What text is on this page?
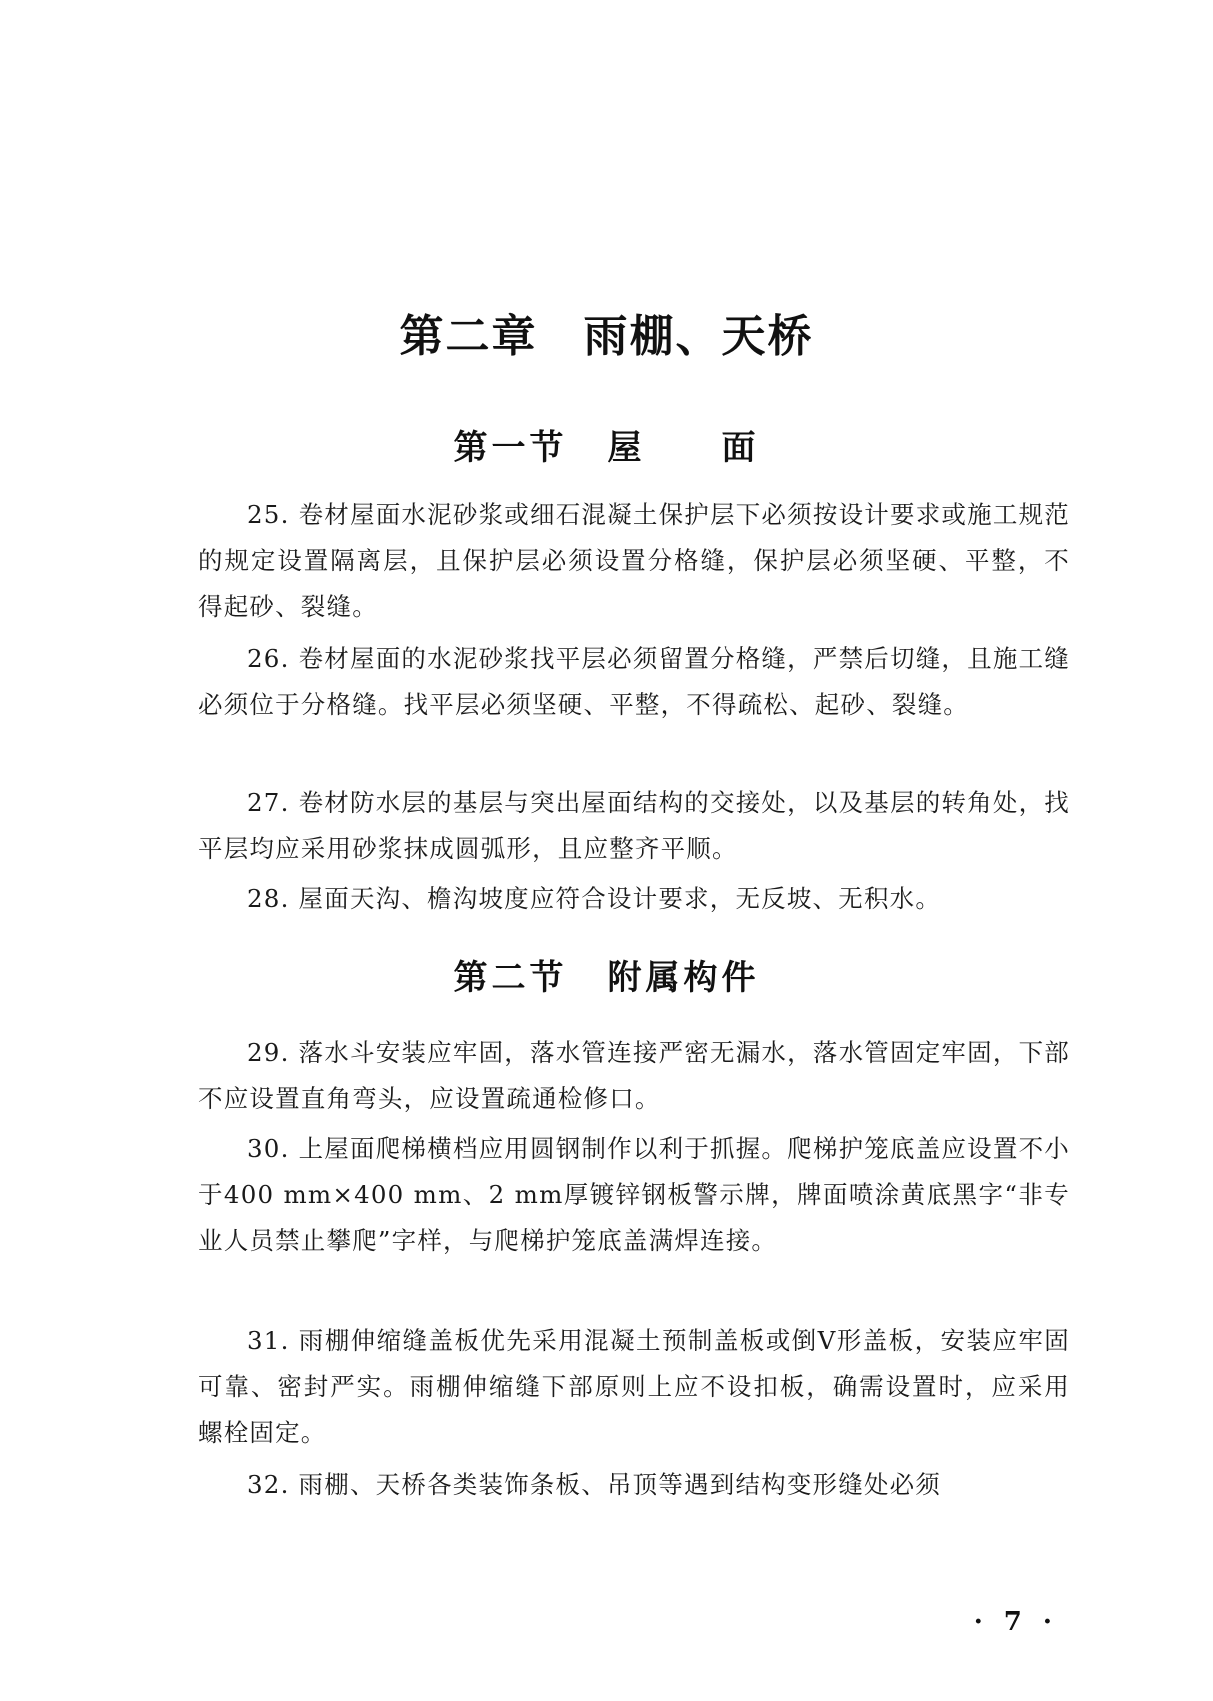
第二章　雨棚、天桥
第一节 屋　　面

25. 卷材屋面水泥砂浆或细石混凝土保护层下必须按设计要求或施工规范的规定设置隔离层，且保护层必须设置分格缝，保护层必须坚硬、平整，不得起砂、裂缝。

26. 卷材屋面的水泥砂浆找平层必须留置分格缝，严禁后切缝，且施工缝必须位于分格缝。找平层必须坚硬、平整，不得疏松、起砂、裂缝。

27. 卷材防水层的基层与突出屋面结构的交接处，以及基层的转角处，找平层均应采用砂浆抹成圆弧形，且应整齐平顺。

28. 屋面天沟、檐沟坡度应符合设计要求，无反坡、无积水。

第二节 附属构件

29. 落水斗安装应牢固，落水管连接严密无漏水，落水管固定牢固，下部不应设置直角弯头，应设置疏通检修口。

30. 上屋面爬梯横档应用圆钢制作以利于抓握。爬梯护笼底盖应设置不小于400 mm×400 mm、2 mm厚镀锌钢板警示牌，牌面喷涂黄底黑字“非专业人员禁止攀爬”字样，与爬梯护笼底盖满焊连接。

31. 雨棚伸缩缝盖板优先采用混凝土预制盖板或倒V形盖板，安装应牢固可靠、密封严实。雨棚伸缩缝下部原则上应不设扣板，确需设置时，应采用螺栓固定。

32. 雨棚、天桥各类装饰条板、吊顶等遇到结构变形缝处必须

· 7 ·
